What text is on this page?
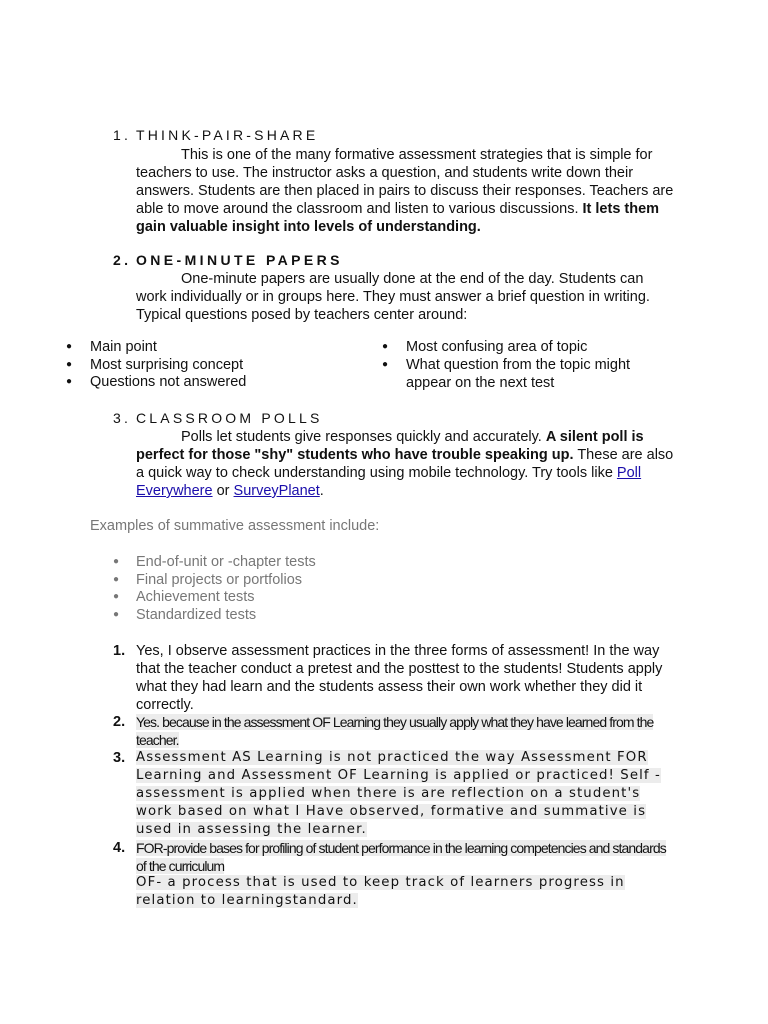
1. THINK-PAIR-SHARE
This is one of the many formative assessment strategies that is simple for teachers to use. The instructor asks a question, and students write down their answers. Students are then placed in pairs to discuss their responses. Teachers are able to move around the classroom and listen to various discussions. It lets them gain valuable insight into levels of understanding.
2. ONE-MINUTE PAPERS
One-minute papers are usually done at the end of the day. Students can work individually or in groups here. They must answer a brief question in writing. Typical questions posed by teachers center around:
● Main point
● Most surprising concept
● Questions not answered
● Most confusing area of topic
● What question from the topic might appear on the next test
3. CLASSROOM POLLS
Polls let students give responses quickly and accurately. A silent poll is perfect for those "shy" students who have trouble speaking up. These are also a quick way to check understanding using mobile technology. Try tools like Poll Everywhere or SurveyPlanet.
Examples of summative assessment include:
● End-of-unit or -chapter tests
● Final projects or portfolios
● Achievement tests
● Standardized tests
1. Yes, I observe assessment practices in the three forms of assessment! In the way that the teacher conduct a pretest and the posttest to the students! Students apply what they had learn and the students assess their own work whether they did it correctly.
2. Yes. because in the assessment OF Learning they usually apply what they have learned from the teacher.
3. Assessment AS Learning is not practiced the way Assessment FOR Learning and Assessment OF Learning is applied or practiced! Self - assessment is applied when there is are reflection on a student's work based on what I Have observed, formative and summative is used in assessing the learner.
4. FOR-provide bases for profiling of student performance in the learning competencies and standards of the curriculum
OF- a process that is used to keep track of learners progress in relation to learningstandard.
